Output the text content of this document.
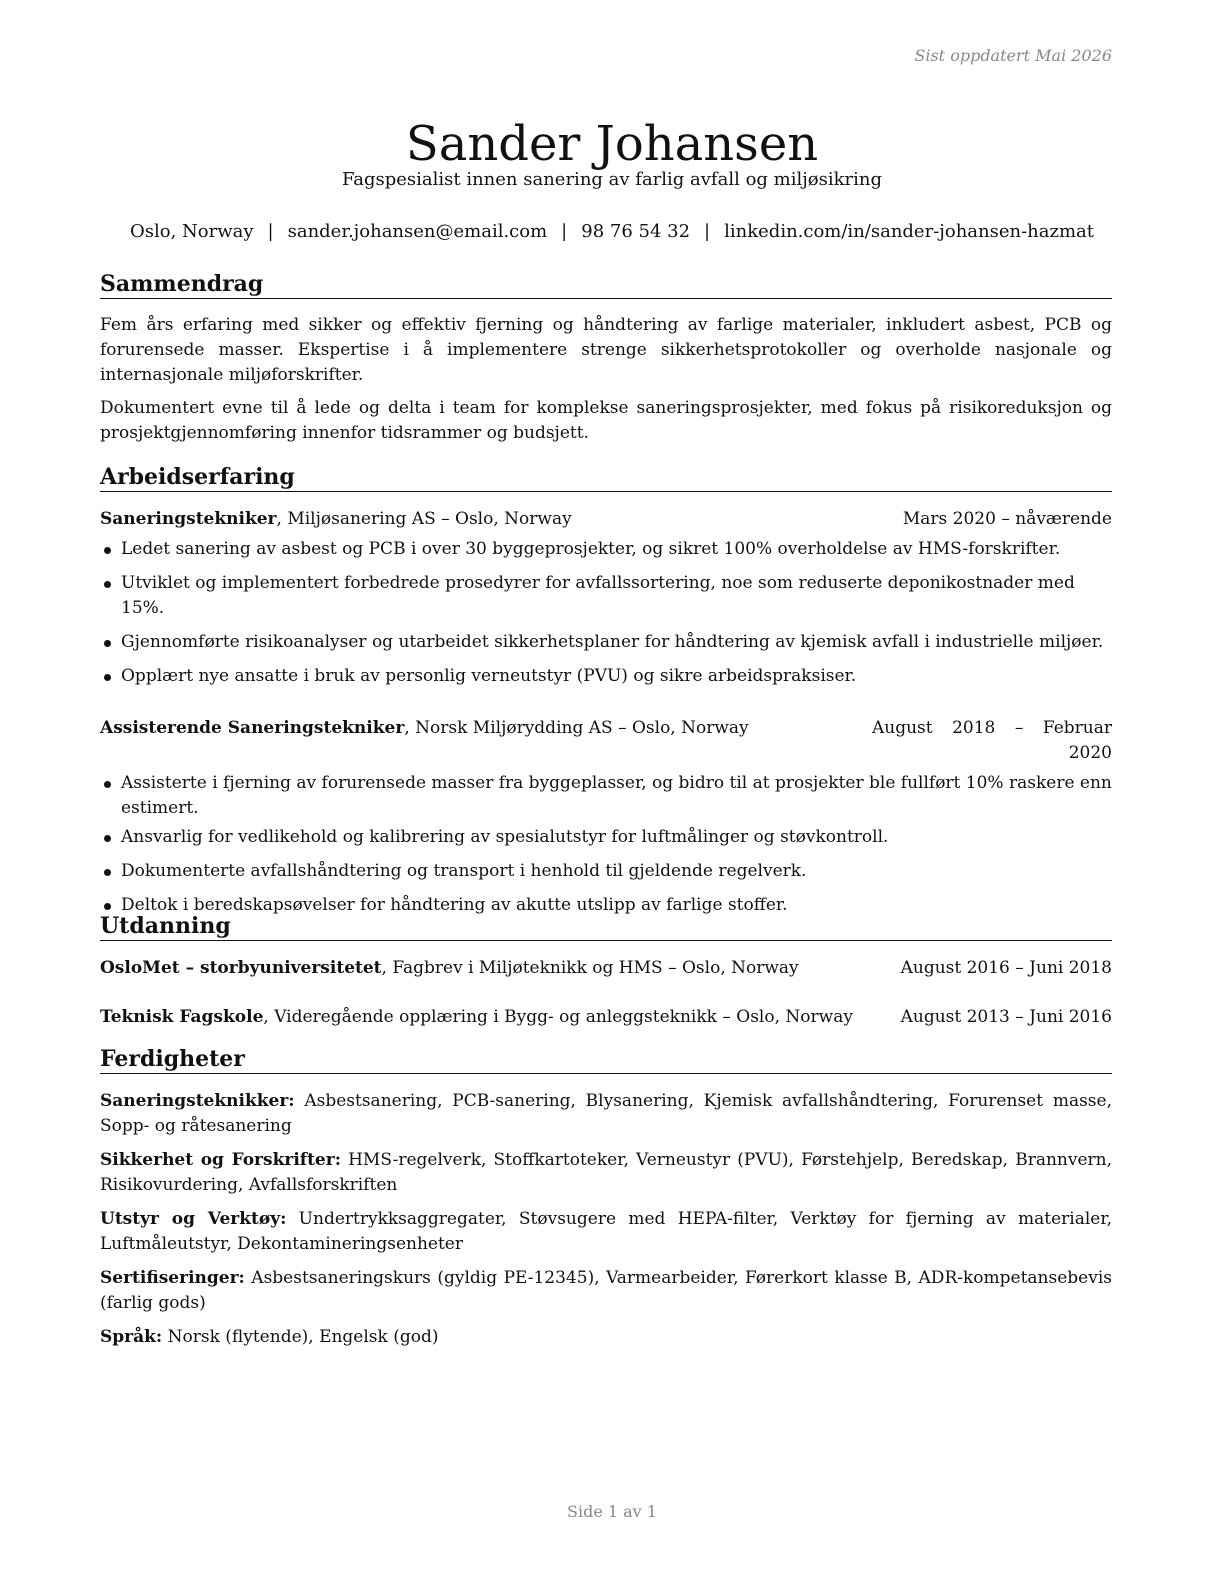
Sist oppdatert Mai 2026
Sander Johansen
Fagspesialist innen sanering av farlig avfall og miljøsikring
Oslo, Norway | sander.johansen@email.com | 98 76 54 32 | linkedin.com/in/sander-johansen-hazmat
Sammendrag

Fem års erfaring med sikker og effektiv fjerning og håndtering av farlige materialer, inkludert asbest, PCB og forurensede masser. Ekspertise i å implementere strenge sikkerhetsprotokoller og overholde nasjonale og internasjonale miljøforskrifter.

Dokumentert evne til å lede og delta i team for komplekse saneringsprosjekter, med fokus på risikoreduksjon og prosjektgjennomføring innenfor tidsrammer og budsjett.

Arbeidserfaring
Saneringstekniker, Miljøsanering AS – Oslo, Norway	Mars 2020 – nåværende
Ledet sanering av asbest og PCB i over 30 byggeprosjekter, og sikret 100% overholdelse av HMS-forskrifter.
Utviklet og implementert forbedrede prosedyrer for avfallssortering, noe som reduserte deponikostnader med 15%.
Gjennomførte risikoanalyser og utarbeidet sikkerhetsplaner for håndtering av kjemisk avfall i industrielle miljøer.
Opplært nye ansatte i bruk av personlig verneutstyr (PVU) og sikre arbeidspraksiser.
Assisterende Saneringstekniker, Norsk Miljørydding AS – Oslo, Norway	August 2018 – Februar 2020
Assisterte i fjerning av forurensede masser fra byggeplasser, og bidro til at prosjekter ble fullført 10% raskere enn estimert.
Ansvarlig for vedlikehold og kalibrering av spesialutstyr for luftmålinger og støvkontroll.
Dokumenterte avfallshåndtering og transport i henhold til gjeldende regelverk.
Deltok i beredskapsøvelser for håndtering av akutte utslipp av farlige stoffer.
Utdanning
OsloMet – storbyuniversitetet, Fagbrev i Miljøteknikk og HMS – Oslo, Norway	August 2016 – Juni 2018
Teknisk Fagskole, Videregående opplæring i Bygg- og anleggsteknikk – Oslo, Norway	August 2013 – Juni 2016
Ferdigheter

Saneringsteknikker: Asbestsanering, PCB-sanering, Blysanering, Kjemisk avfallshåndtering, Forurenset masse, Sopp- og råtesanering

Sikkerhet og Forskrifter: HMS-regelverk, Stoffkartoteker, Verneustyr (PVU), Førstehjelp, Beredskap, Brannvern, Risikovurdering, Avfallsforskriften

Utstyr og Verktøy: Undertrykksaggregater, Støvsugere med HEPA-filter, Verktøy for fjerning av materialer, Luftmåleutstyr, Dekontamineringsenheter

Sertifiseringer: Asbestsaneringskurs (gyldig PE-12345), Varmearbeider, Førerkort klasse B, ADR-kompetansebevis (farlig gods)

Språk: Norsk (flytende), Engelsk (god)

Side 1 av 1
